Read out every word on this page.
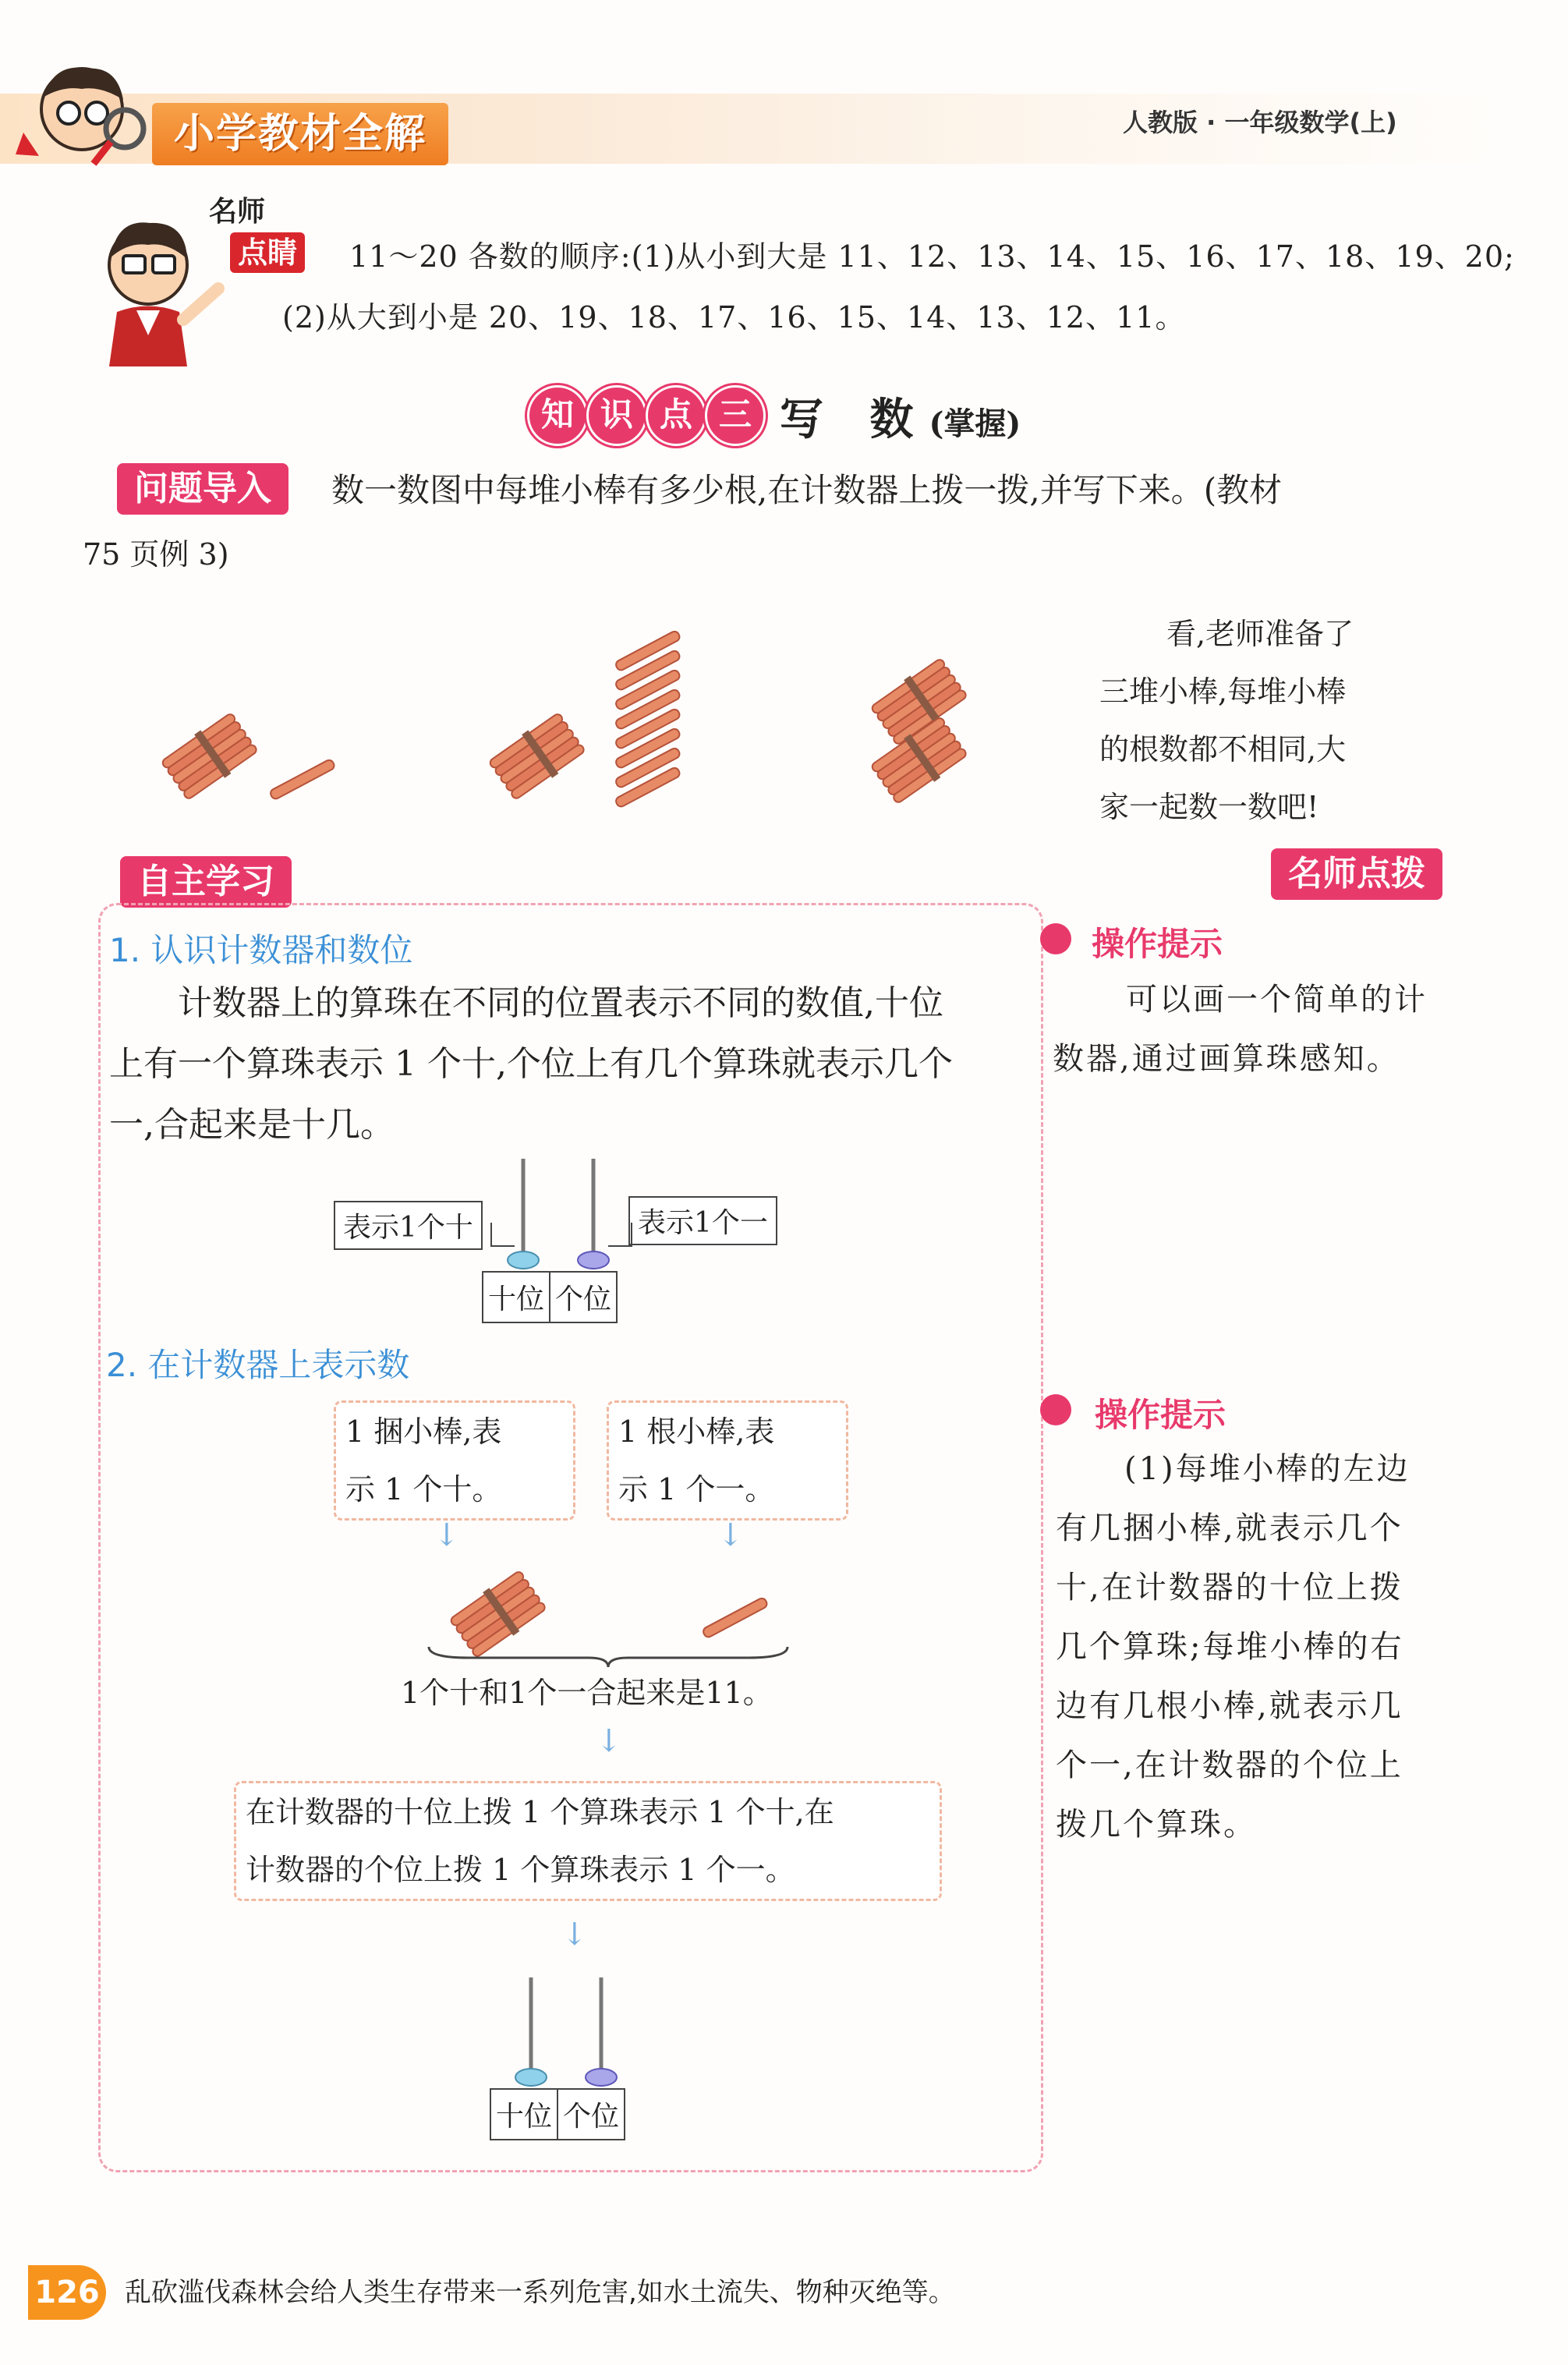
小学教材全解	人教版 · 一年级数学(上)
名师
点睛 11～20 各数的顺序:(1)从小到大是 11、12、13、14、15、16、17、18、19、20;
(2)从大到小是 20、19、18、17、16、15、14、13、12、11。
知 识 点 三 写 数(掌握)
问题导入	数一数图中每堆小棒有多少根,在计数器上拨一拨,并写下来。(教材
75 页例 3)
看,老师准备了
三堆小棒,每堆小棒
的根数都不相同,大
家一起数一数吧!
自主学习
1. 认识计数器和数位
计数器上的算珠在不同的位置表示不同的数值,十位
上有一个算珠表示 1 个十,个位上有几个算珠就表示几个
一,合起来是十几。
表示1个十	表示1个一
十位 个位
2. 在计数器上表示数
1 捆小棒,表
示 1 个十。
1 根小棒,表
示 1 个一。
↓	↓
1个十和1个一合起来是11。
↓
在计数器的十位上拨 1 个算珠表示 1 个十,在
计数器的个位上拨 1 个算珠表示 1 个一。
↓
十位 个位
名师点拨
操作提示
可以画一个简单的计
数器,通过画算珠感知。
操作提示
(1)每堆小棒的左边
有几捆小棒,就表示几个
十,在计数器的十位上拨
几个算珠;每堆小棒的右
边有几根小棒,就表示几
个一,在计数器的个位上
拨几个算珠。
126 乱砍滥伐森林会给人类生存带来一系列危害,如水土流失、物种灭绝等。
